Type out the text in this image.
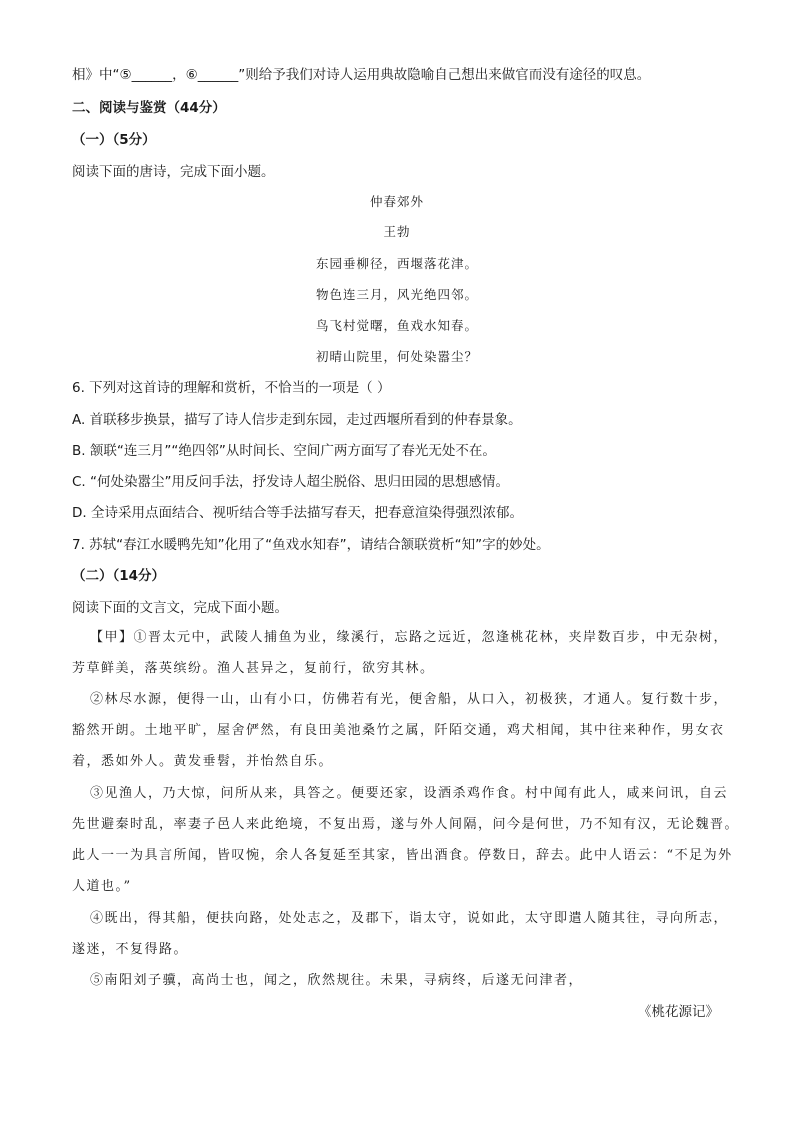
相》中“⑤______，⑥______”则给予我们对诗人运用典故隐喻自己想出来做官而没有途径的叹息。
二、阅读与鉴赏（44分）
（一）（5分）
阅读下面的唐诗，完成下面小题。
仲春郊外
王勃
东园垂柳径，西堰落花津。
物色连三月，风光绝四邻。
鸟飞村觉曙，鱼戏水知春。
初晴山院里，何处染嚣尘？
6. 下列对这首诗的理解和赏析，不恰当的一项是（ ）
A. 首联移步换景，描写了诗人信步走到东园，走过西堰所看到的仲春景象。
B. 颔联“连三月”“绝四邻”从时间长、空间广两方面写了春光无处不在。
C. “何处染嚣尘”用反问手法，抒发诗人超尘脱俗、思归田园的思想感情。
D. 全诗采用点面结合、视听结合等手法描写春天，把春意渲染得强烈浓郁。
7. 苏轼“春江水暖鸭先知”化用了“鱼戏水知春”，请结合颔联赏析“知”字的妙处。
（二）（14分）
阅读下面的文言文，完成下面小题。
【甲】①晋太元中，武陵人捕鱼为业，缘溪行，忘路之远近，忽逢桃花林，夹岸数百步，中无杂树，
芳草鲜美，落英缤纷。渔人甚异之，复前行，欲穷其林。
②林尽水源，便得一山，山有小口，仿佛若有光，便舍船，从口入，初极狭，才通人。复行数十步，
豁然开朗。土地平旷，屋舍俨然，有良田美池桑竹之属，阡陌交通，鸡犬相闻，其中往来种作，男女衣
着，悉如外人。黄发垂髫，并怡然自乐。
③见渔人，乃大惊，问所从来，具答之。便要还家，设酒杀鸡作食。村中闻有此人，咸来问讯，自云
先世避秦时乱，率妻子邑人来此绝境，不复出焉，遂与外人间隔，问今是何世，乃不知有汉，无论魏晋。
此人一一为具言所闻，皆叹惋，余人各复延至其家，皆出酒食。停数日，辞去。此中人语云：“不足为外
人道也。”
④既出，得其船，便扶向路，处处志之，及郡下，诣太守，说如此，太守即遣人随其往，寻向所志，
遂迷，不复得路。
⑤南阳刘子骥，高尚士也，闻之，欣然规往。未果，寻病终，后遂无问津者，
《桃花源记》
